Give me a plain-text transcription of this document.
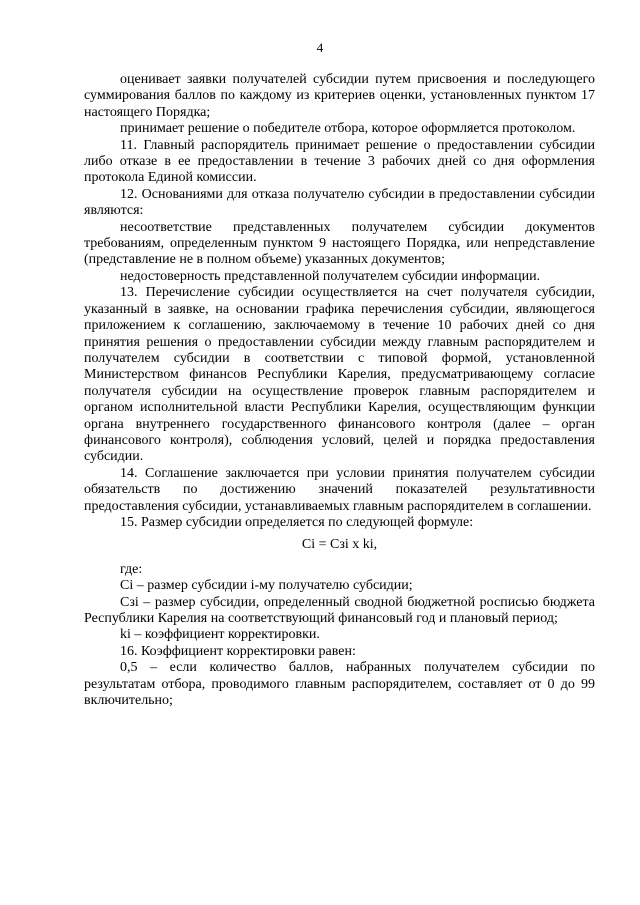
4

оценивает заявки получателей субсидии путем присвоения и последующего суммирования баллов по каждому из критериев оценки, установленных пунктом 17 настоящего Порядка;

принимает решение о победителе отбора, которое оформляется протоколом.

11. Главный распорядитель принимает решение о предоставлении субсидии либо отказе в ее предоставлении в течение 3 рабочих дней со дня оформления протокола Единой комиссии.

12. Основаниями для отказа получателю субсидии в предоставлении субсидии являются:

несоответствие представленных получателем субсидии документов требованиям, определенным пунктом 9 настоящего Порядка, или непредставление (представление не в полном объеме) указанных документов;

недостоверность представленной получателем субсидии информации.

13. Перечисление субсидии осуществляется на счет получателя субсидии, указанный в заявке, на основании графика перечисления субсидии, являющегося приложением к соглашению, заключаемому в течение 10 рабочих дней со дня принятия решения о предоставлении субсидии между главным распорядителем и получателем субсидии в соответствии с типовой формой, установленной Министерством финансов Республики Карелия, предусматривающему согласие получателя субсидии на осуществление проверок главным распорядителем и органом исполнительной власти Республики Карелия, осуществляющим функции органа внутреннего государственного финансового контроля (далее – орган финансового контроля), соблюдения условий, целей и порядка предоставления субсидии.

14. Соглашение заключается при условии принятия получателем субсидии обязательств по достижению значений показателей результативности предоставления субсидии, устанавливаемых главным распорядителем в соглашении.

15. Размер субсидии определяется по следующей формуле:

Ci = Сзi x ki,

где:

Ci – размер субсидии i-му получателю субсидии;

Сзi – размер субсидии, определенный сводной бюджетной росписью бюджета Республики Карелия на соответствующий финансовый год и плановый период;

ki – коэффициент корректировки.

16. Коэффициент корректировки равен:

0,5 – если количество баллов, набранных получателем субсидии по результатам отбора, проводимого главным распорядителем, составляет от 0 до 99 включительно;
